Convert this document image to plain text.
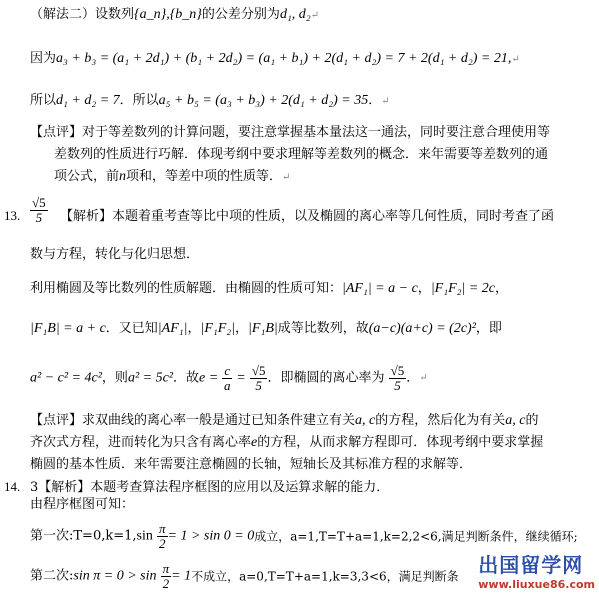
（解法二）设数列{a_n},{b_n}的公差分别为d₁, d₂↵
因为a₃ + b₃ = (a₁ + 2d₁) + (b₁ + 2d₂) = (a₁ + b₁) + 2(d₁ + d₂) = 7 + 2(d₁ + d₂) = 21,↵
所以d₁ + d₂ = 7．所以a₅ + b₅ = (a₃ + b₃) + 2(d₁ + d₂) = 35．↵
【点评】对于等差数列的计算问题，要注意掌握基本量法这一通法，同时要注意合理使用等
差数列的性质进行巧解．体现考纲中要求理解等差数列的概念．来年需要等差数列的通
项公式，前n项和，等差中项的性质等．↵
13. $\frac{√5}{5}$ 【解析】本题着重考查等比中项的性质，以及椭圆的离心率等几何性质，同时考查了函
数与方程，转化与化归思想．
利用椭圆及等比数列的性质解题．由椭圆的性质可知：|AF₁| = a − c，|F₁F₂| = 2c，
|F₁B| = a + c．又已知|AF₁|，|F₁F₂|，|F₁B|成等比数列，故(a−c)(a+c) = (2c)²，即
a² − c² = 4c²，则a² = 5c²．故$e = \frac{c}{a} = \frac{√5}{5}$ ．即椭圆的离心率为 $\frac{√5}{5}$ ．↵
【点评】求双曲线的离心率一般是通过已知条件建立有关a, c的方程，然后化为有关a, c的
齐次式方程，进而转化为只含有离心率e的方程，从而求解方程即可．体现考纲中要求掌握
椭圆的基本性质．来年需要注意椭圆的长轴，短轴长及其标准方程的求解等．
14. 3【解析】本题考查算法程序框图的应用以及运算求解的能力．
由程序框图可知：
第一次:T=0,k=1,sin $\frac{\pi}{2} = 1 > \sin 0 = 0$成立，a=1,T=T+a=1,k=2,2<6,满足判断条件，继续循环;
第二次:sin $\pi = 0 > \sin \frac{\pi}{2} = 1$不成立，a=0,T=T+a=1,k=3,3<6，满足判断条 出国留学网
www.liuxue86.com
